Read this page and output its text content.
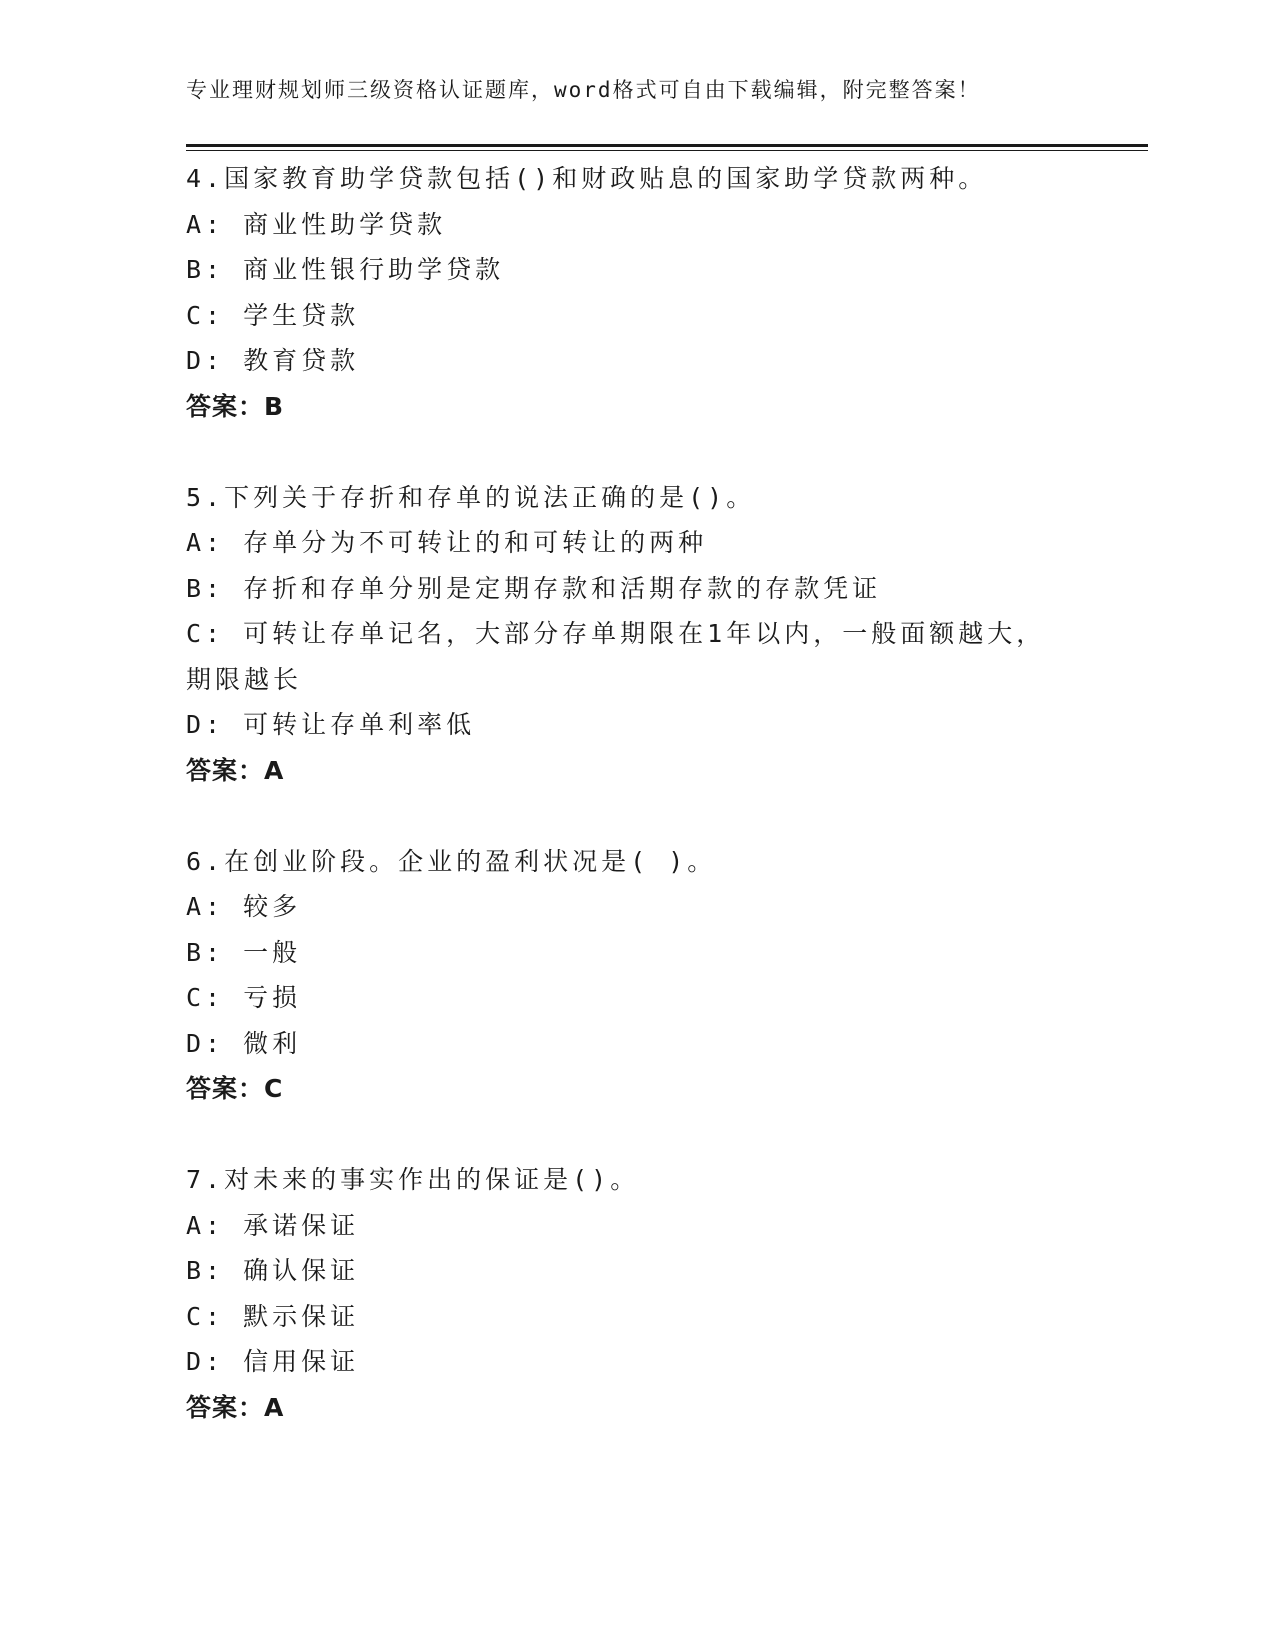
专业理财规划师三级资格认证题库，word格式可自由下载编辑，附完整答案！
4.国家教育助学贷款包括()和财政贴息的国家助学贷款两种。
A: 商业性助学贷款
B: 商业性银行助学贷款
C: 学生贷款
D: 教育贷款
答案：B
5.下列关于存折和存单的说法正确的是()。
A: 存单分为不可转让的和可转让的两种
B: 存折和存单分别是定期存款和活期存款的存款凭证
C: 可转让存单记名，大部分存单期限在1年以内，一般面额越大，期限越长
D: 可转让存单利率低
答案：A
6.在创业阶段。企业的盈利状况是( )。
A: 较多
B: 一般
C: 亏损
D: 微利
答案：C
7.对未来的事实作出的保证是()。
A: 承诺保证
B: 确认保证
C: 默示保证
D: 信用保证
答案：A
